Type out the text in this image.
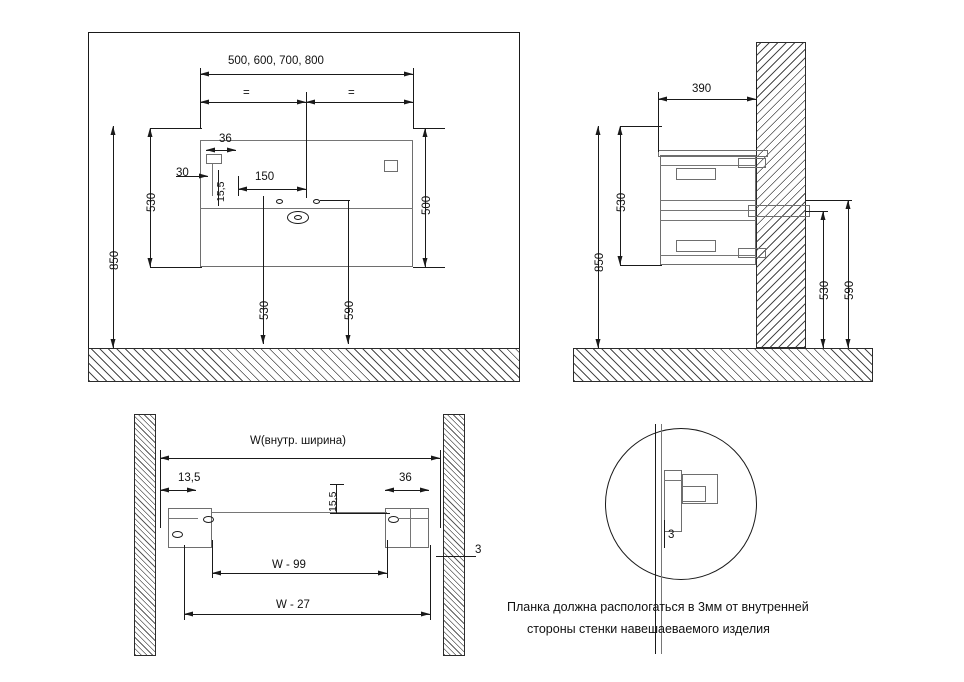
500, 600, 700, 800
=	=
850
530	500
36
30
15,5
150
530	590
390
530
850
530 590
W(внутр. ширина)
13,5	36
15,5
3
W - 99
W - 27
3
Планка должна распологаться в 3мм от внутренней
стороны стенки навешаеваемого изделия
